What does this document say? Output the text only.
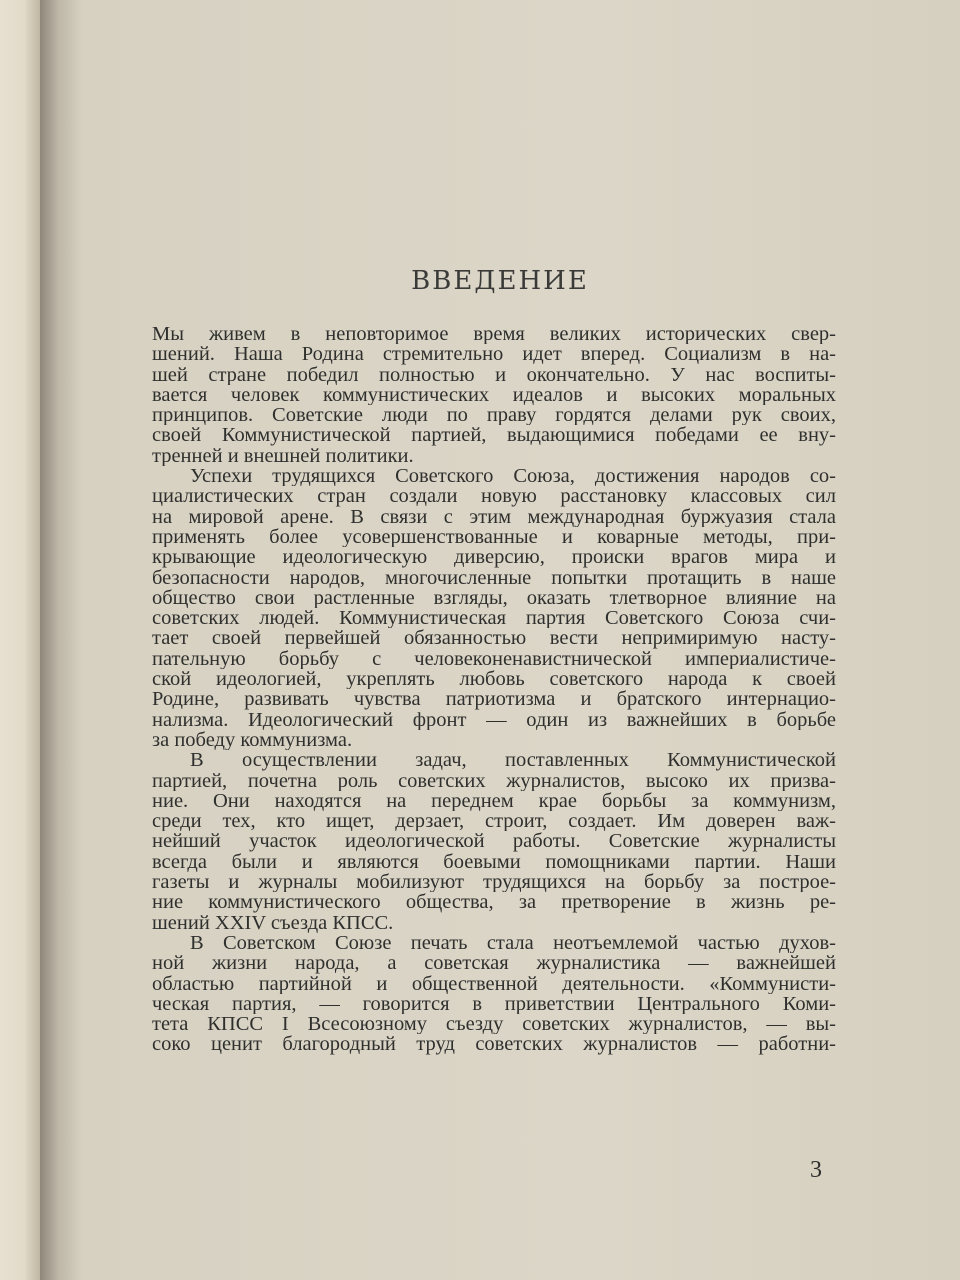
ВВЕДЕНИЕ
Мы живем в неповторимое время великих исторических свер-
шений. Наша Родина стремительно идет вперед. Социализм в на-
шей стране победил полностью и окончательно. У нас воспиты-
вается человек коммунистических идеалов и высоких моральных
принципов. Советские люди по праву гордятся делами рук своих,
своей Коммунистической партией, выдающимися победами ее вну-
тренней и внешней политики.
Успехи трудящихся Советского Союза, достижения народов со-
циалистических стран создали новую расстановку классовых сил
на мировой арене. В связи с этим международная буржуазия стала
применять более усовершенствованные и коварные методы, при-
крывающие идеологическую диверсию, происки врагов мира и
безопасности народов, многочисленные попытки протащить в наше
общество свои растленные взгляды, оказать тлетворное влияние на
советских людей. Коммунистическая партия Советского Союза счи-
тает своей первейшей обязанностью вести непримиримую насту-
пательную борьбу с человеконенавистнической империалистиче-
ской идеологией, укреплять любовь советского народа к своей
Родине, развивать чувства патриотизма и братского интернацио-
нализма. Идеологический фронт — один из важнейших в борьбе
за победу коммунизма.
В осуществлении задач, поставленных Коммунистической
партией, почетна роль советских журналистов, высоко их призва-
ние. Они находятся на переднем крае борьбы за коммунизм,
среди тех, кто ищет, дерзает, строит, создает. Им доверен важ-
нейший участок идеологической работы. Советские журналисты
всегда были и являются боевыми помощниками партии. Наши
газеты и журналы мобилизуют трудящихся на борьбу за построе-
ние коммунистического общества, за претворение в жизнь ре-
шений XXIV съезда КПСС.
В Советском Союзе печать стала неотъемлемой частью духов-
ной жизни народа, а советская журналистика — важнейшей
областью партийной и общественной деятельности. «Коммунисти-
ческая партия, — говорится в приветствии Центрального Коми-
тета КПСС I Всесоюзному съезду советских журналистов, — вы-
соко ценит благородный труд советских журналистов — работни-
3
